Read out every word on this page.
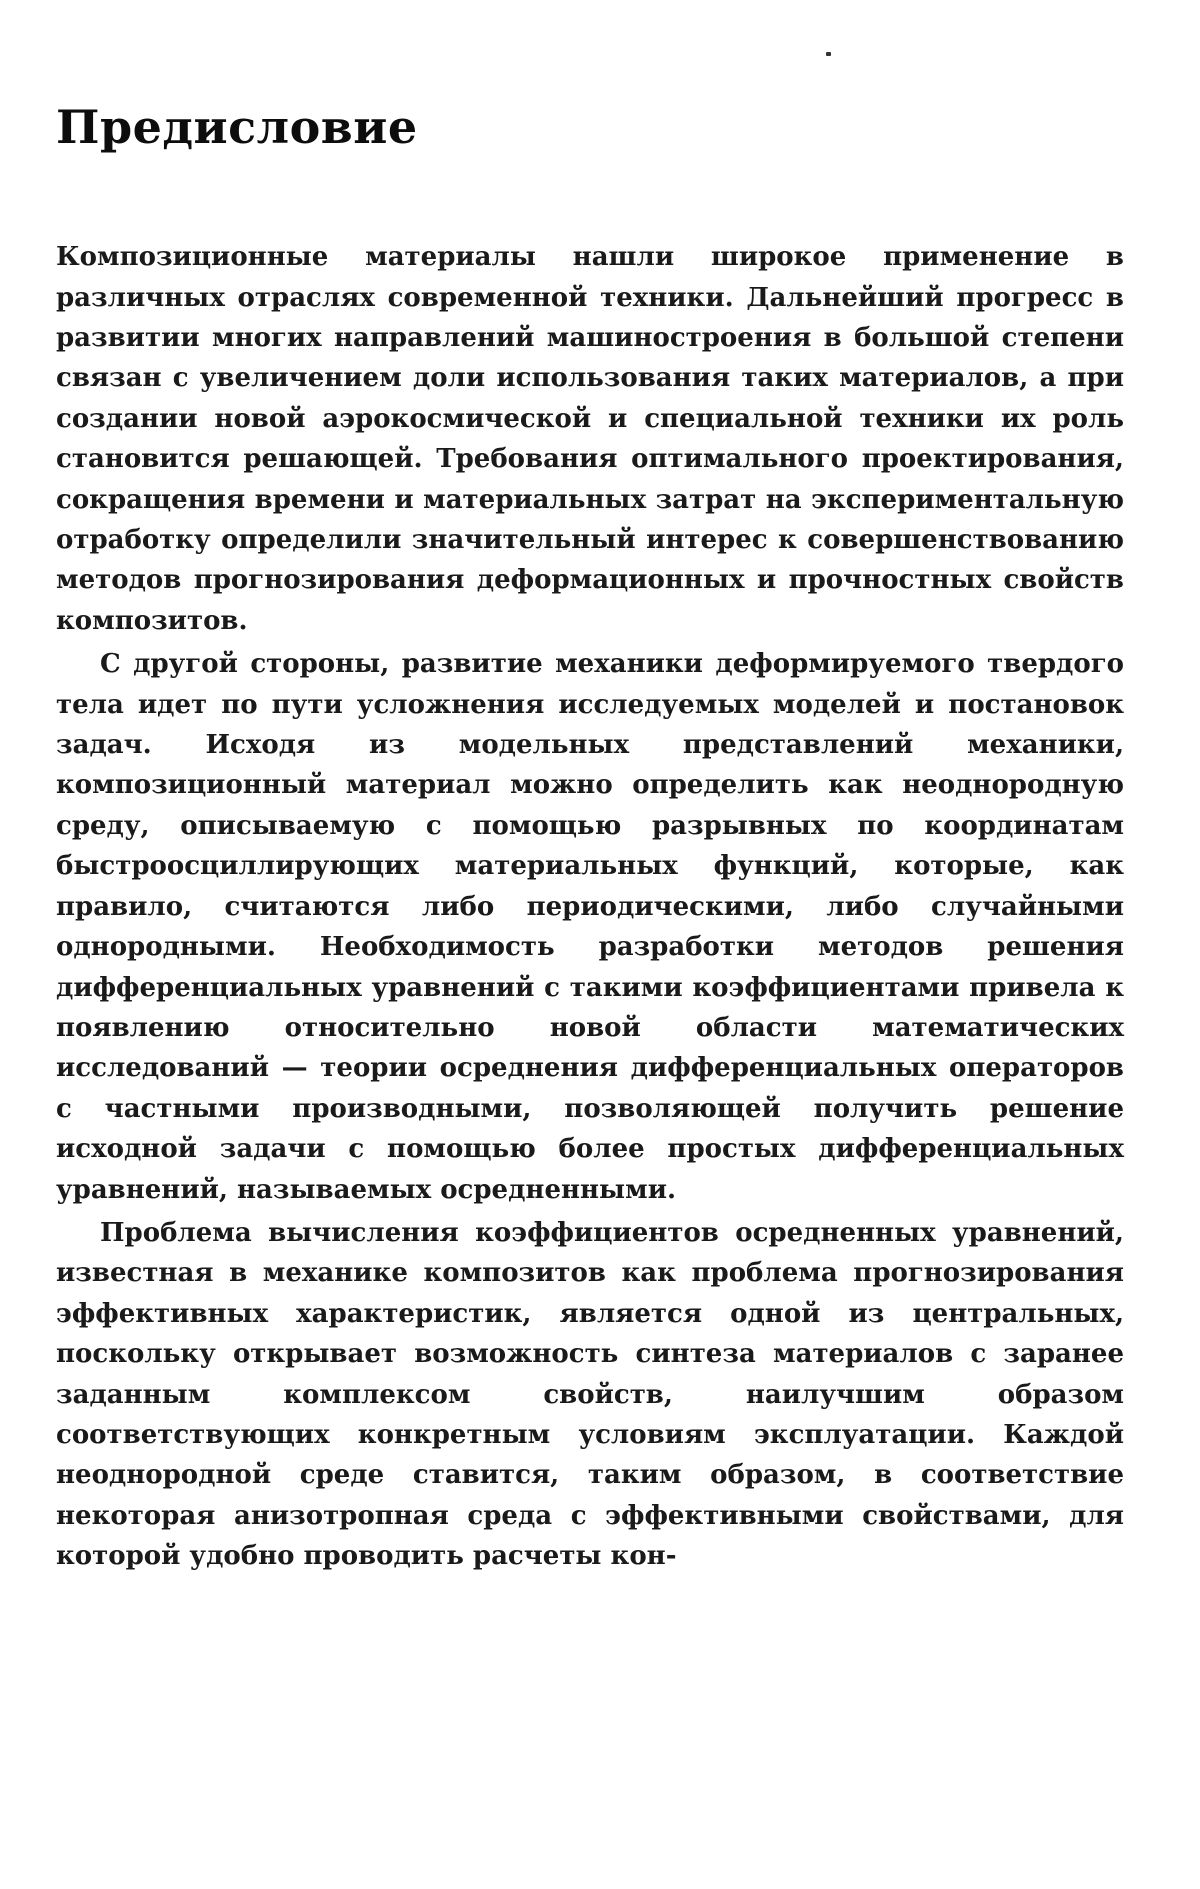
Предисловие

Композиционные материалы нашли широкое применение в различных отраслях современной техники. Дальнейший прогресс в развитии многих направлений машиностроения в большой степени связан с увеличением доли использования таких материалов, а при создании новой аэрокосмической и специальной техники их роль становится решающей. Требования оптимального проектирования, сокращения времени и материальных затрат на экспериментальную отработку определили значительный интерес к совершенствованию методов прогнозирования деформационных и прочностных свойств композитов.

С другой стороны, развитие механики деформируемого твердого тела идет по пути усложнения исследуемых моделей и постановок задач. Исходя из модельных представлений механики, композиционный материал можно определить как неоднородную среду, описываемую с помощью разрывных по координатам быстроосциллирующих материальных функций, которые, как правило, считаются либо периодическими, либо случайными однородными. Необходимость разработки методов решения дифференциальных уравнений с такими коэффициентами привела к появлению относительно новой области математических исследований — теории осреднения дифференциальных операторов с частными производными, позволяющей получить решение исходной задачи с помощью более простых дифференциальных уравнений, называемых осредненными.

Проблема вычисления коэффициентов осредненных уравнений, известная в механике композитов как проблема прогнозирования эффективных характеристик, является одной из центральных, поскольку открывает возможность синтеза материалов с заранее заданным комплексом свойств, наилучшим образом соответствующих конкретным условиям эксплуатации. Каждой неоднородной среде ставится, таким образом, в соответствие некоторая анизотропная среда с эффективными свойствами, для которой удобно проводить расчеты кон-
